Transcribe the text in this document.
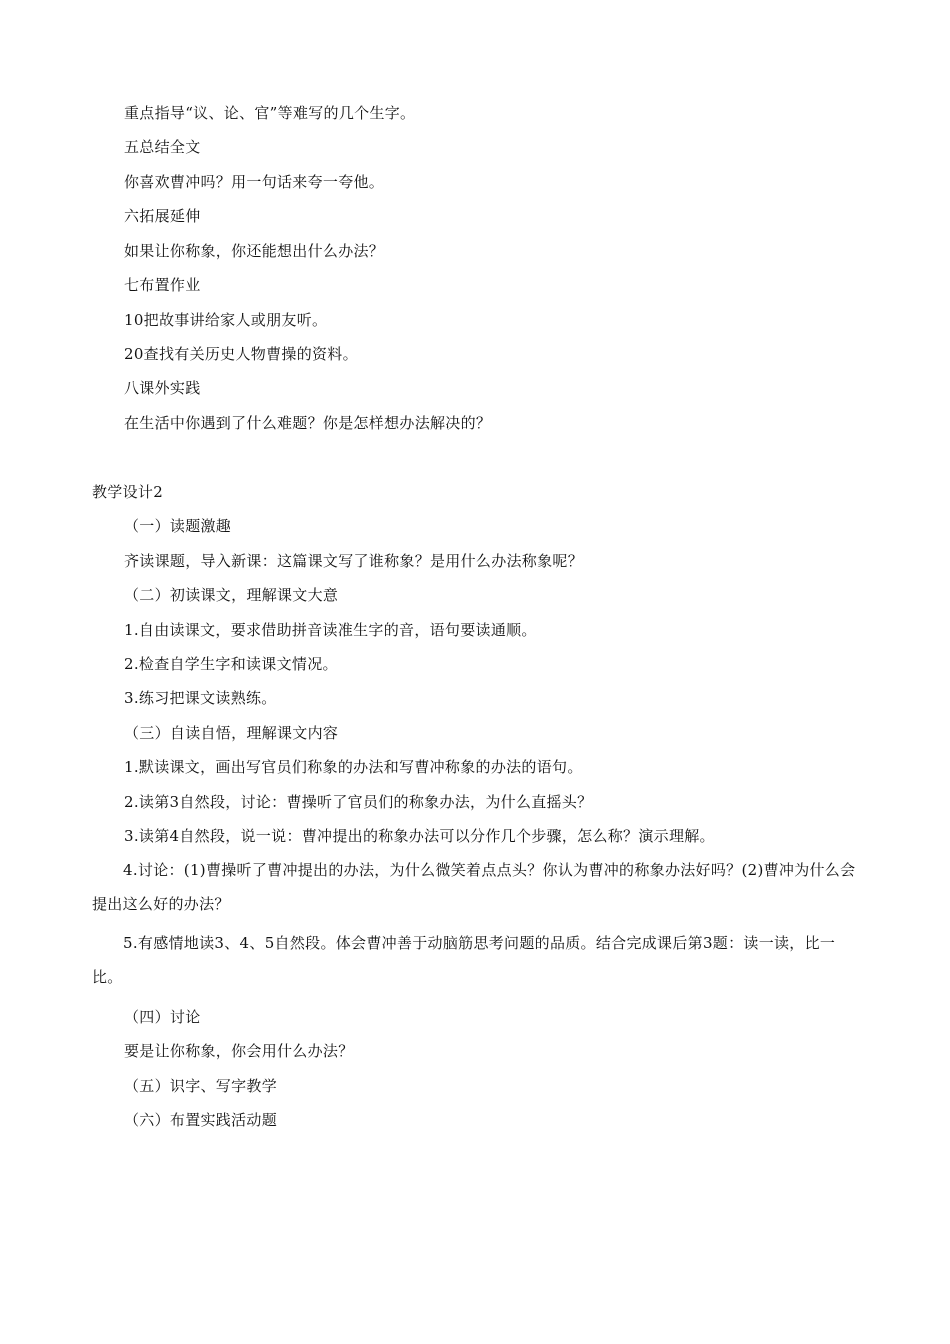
重点指导“议、论、官”等难写的几个生字。
五总结全文
你喜欢曹冲吗？用一句话来夸一夸他。
六拓展延伸
如果让你称象，你还能想出什么办法？
七布置作业
10把故事讲给家人或朋友听。
20查找有关历史人物曹操的资料。
八课外实践
在生活中你遇到了什么难题？你是怎样想办法解决的？
教学设计2
（一）读题激趣
齐读课题，导入新课：这篇课文写了谁称象？是用什么办法称象呢？
（二）初读课文，理解课文大意
1.自由读课文，要求借助拼音读准生字的音，语句要读通顺。
2.检查自学生字和读课文情况。
3.练习把课文读熟练。
（三）自读自悟，理解课文内容
1.默读课文，画出写官员们称象的办法和写曹冲称象的办法的语句。
2.读第3自然段，讨论：曹操听了官员们的称象办法，为什么直摇头？
3.读第4自然段，说一说：曹冲提出的称象办法可以分作几个步骤，怎么称？演示理解。
4.讨论：(1)曹操听了曹冲提出的办法，为什么微笑着点点头？你认为曹冲的称象办法好吗？(2)曹冲为什么会提出这么好的办法？
5.有感情地读3、4、5自然段。体会曹冲善于动脑筋思考问题的品质。结合完成课后第3题：读一读，比一比。
（四）讨论
要是让你称象，你会用什么办法？
（五）识字、写字教学
（六）布置实践活动题
